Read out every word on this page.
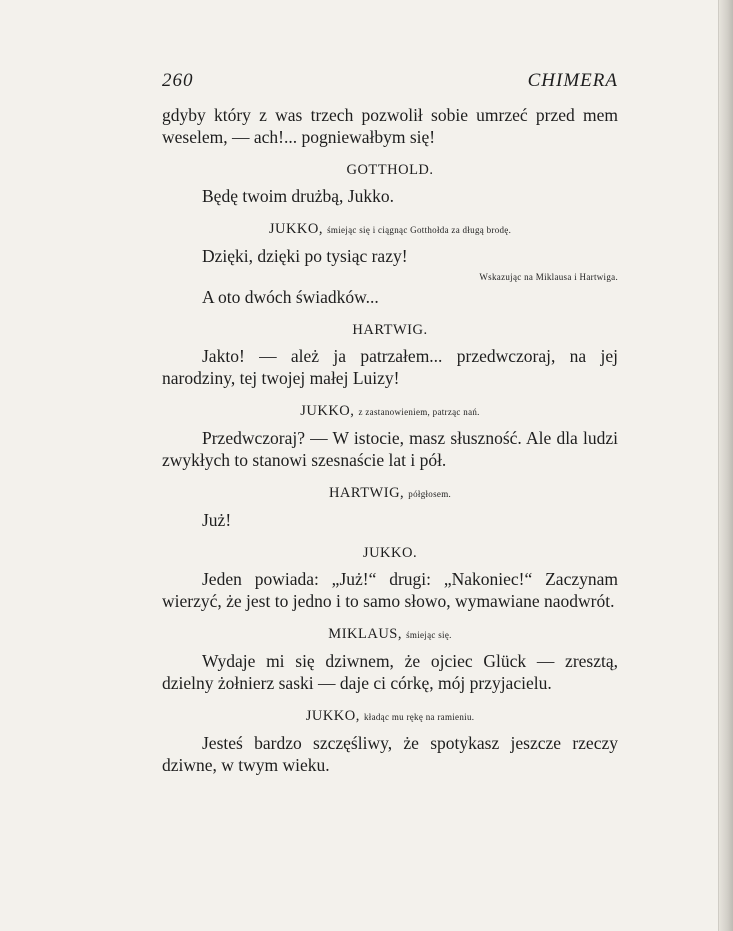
260	CHIMERA

gdyby który z was trzech pozwolił sobie umrzeć przed mem weselem, — ach!... pogniewałbym się!

GOTTHOLD.

Będę twoim drużbą, Jukko.

JUKKO, śmiejąc się i ciągnąc Gotthołda za długą brodę.

Dzięki, dzięki po tysiąc razy!

Wskazując na Miklausa i Hartwiga.

A oto dwóch świadków...

HARTWIG.

Jakto! — ależ ja patrzałem... przedwczoraj, na jej narodziny, tej twojej małej Luizy!

JUKKO, z zastanowieniem, patrząc nań.

Przedwczoraj? — W istocie, masz słuszność. Ale dla ludzi zwykłych to stanowi szesnaście lat i pół.

HARTWIG, półgłosem.

Już!

JUKKO.

Jeden powiada: „Już!“ drugi: „Nakoniec!“ Zaczynam wierzyć, że jest to jedno i to samo słowo, wymawiane naodwrót.

MIKLAUS, śmiejąc się.

Wydaje mi się dziwnem, że ojciec Glück — zresztą, dzielny żołnierz saski — daje ci córkę, mój przyjacielu.

JUKKO, kładąc mu rękę na ramieniu.

Jesteś bardzo szczęśliwy, że spotykasz jeszcze rzeczy dziwne, w twym wieku.
